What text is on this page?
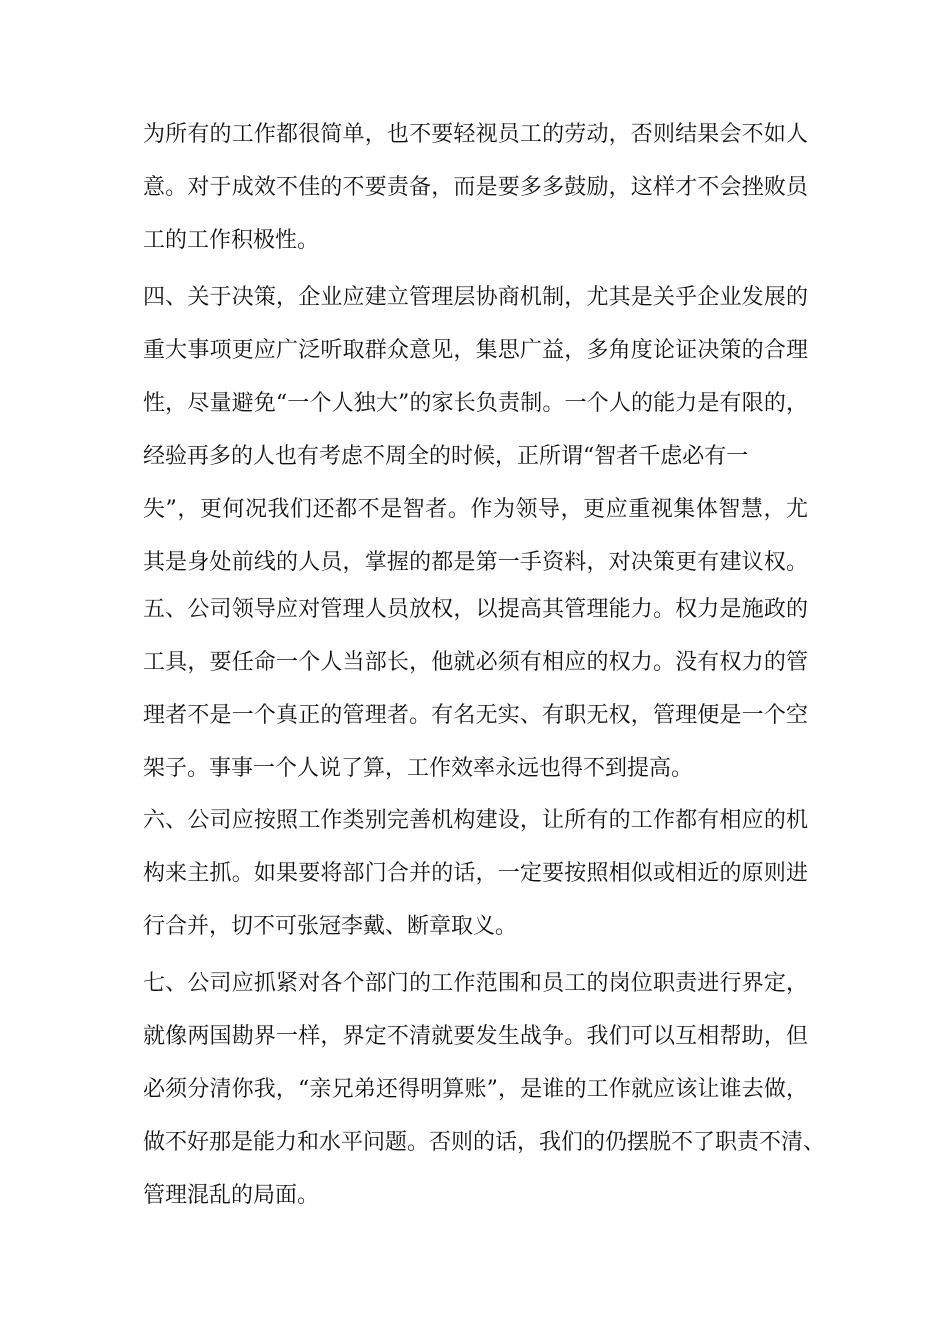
为所有的工作都很简单，也不要轻视员工的劳动，否则结果会不如人
意。对于成效不佳的不要责备，而是要多多鼓励，这样才不会挫败员
工的工作积极性。
四、关于决策，企业应建立管理层协商机制，尤其是关乎企业发展的
重大事项更应广泛听取群众意见，集思广益，多角度论证决策的合理
性，尽量避免“一个人独大”的家长负责制。一个人的能力是有限的，
经验再多的人也有考虑不周全的时候，正所谓“智者千虑必有一
失”，更何况我们还都不是智者。作为领导，更应重视集体智慧，尤
其是身处前线的人员，掌握的都是第一手资料，对决策更有建议权。
五、公司领导应对管理人员放权，以提高其管理能力。权力是施政的
工具，要任命一个人当部长，他就必须有相应的权力。没有权力的管
理者不是一个真正的管理者。有名无实、有职无权，管理便是一个空
架子。事事一个人说了算，工作效率永远也得不到提高。
六、公司应按照工作类别完善机构建设，让所有的工作都有相应的机
构来主抓。如果要将部门合并的话，一定要按照相似或相近的原则进
行合并，切不可张冠李戴、断章取义。
七、公司应抓紧对各个部门的工作范围和员工的岗位职责进行界定，
就像两国勘界一样，界定不清就要发生战争。我们可以互相帮助，但
必须分清你我，“亲兄弟还得明算账”，是谁的工作就应该让谁去做，
做不好那是能力和水平问题。否则的话，我们的仍摆脱不了职责不清、
管理混乱的局面。
